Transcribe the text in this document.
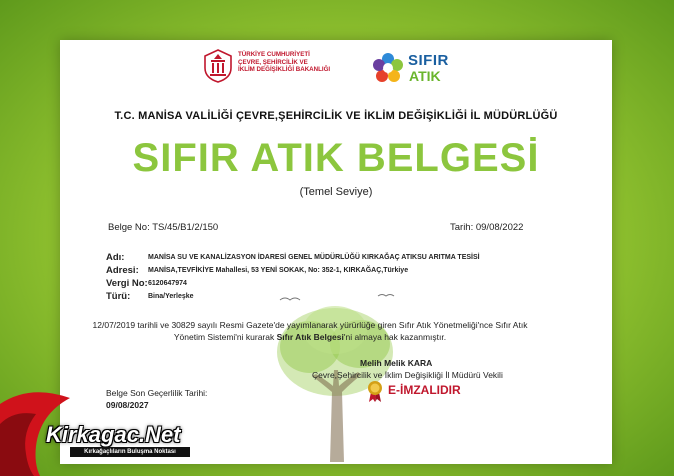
TÜRKİYE CUMHURİYETİ
ÇEVRE, ŞEHİRCİLİK VE
İKLİM DEĞİŞİKLİĞİ BAKANLIĞI
SIFIR
ATIK
T.C. MANİSA VALİLİĞİ ÇEVRE,ŞEHİRCİLİK VE İKLİM DEĞİŞİKLİĞİ İL MÜDÜRLÜĞÜ
SIFIR ATIK BELGESİ
(Temel Seviye)
Belge No: TS/45/B1/2/150	Tarih: 09/08/2022
Adı:	MANİSA SU VE KANALİZASYON İDARESİ GENEL MÜDÜRLÜĞÜ KIRKAĞAÇ ATIKSU ARITMA TESİSİ
Adresi: MANİSA,TEVFİKİYE Mahallesi, 53 YENİ SOKAK, No: 352-1, KIRKAĞAÇ,Türkiye
Vergi No: 6120647974
Türü:	Bina/Yerleşke
12/07/2019 tarihli ve 30829 sayılı Resmi Gazete'de yayımlanarak yürürlüğe giren Sıfır Atık Yönetmeliği'nce Sıfır Atık Yönetim Sistemi'ni kurarak Sıfır Atık Belgesi'ni almaya hak kazanmıştır.
Melih Melik KARA
Çevre,Şehircilik ve İklim Değişikliği İl Müdürü Vekili
E-İMZALIDIR
Belge Son Geçerlilik Tarihi:
09/08/2027
Kirkagac.Net
Kırkağaçlıların Buluşma Noktası
